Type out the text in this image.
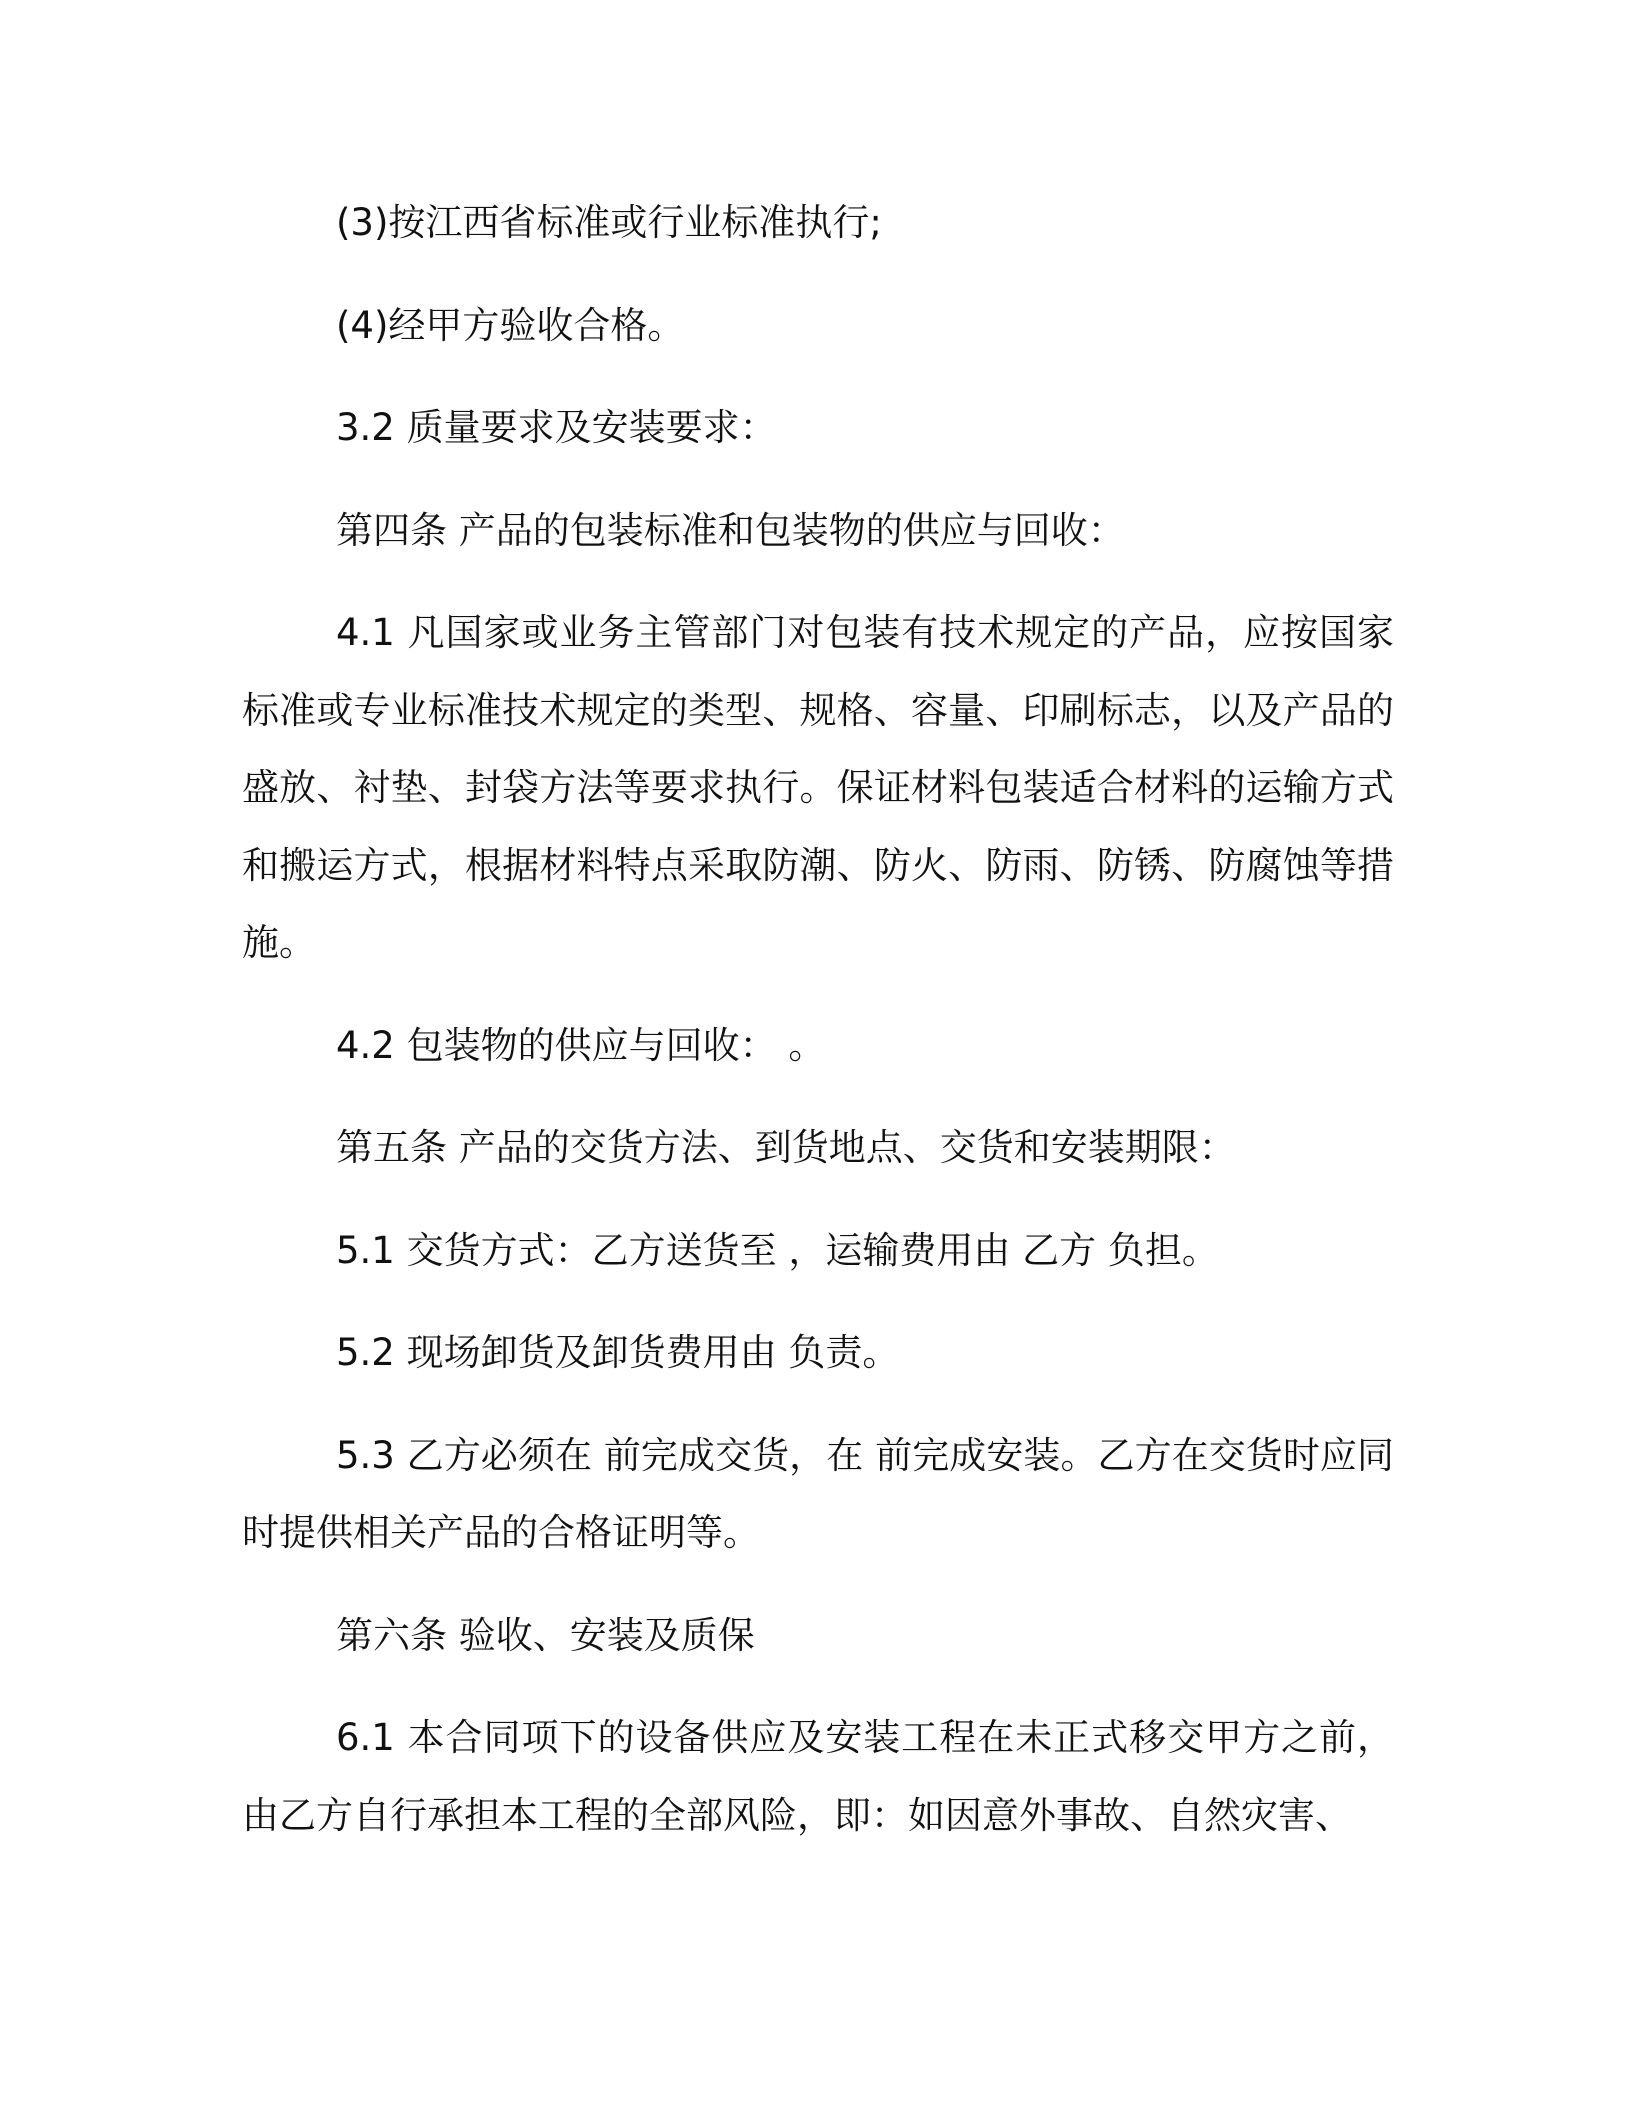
(3)按江西省标准或行业标准执行;

(4)经甲方验收合格。

3.2 质量要求及安装要求：

第四条 产品的包装标准和包装物的供应与回收：

4.1 凡国家或业务主管部门对包装有技术规定的产品，应按国家标准或专业标准技术规定的类型、规格、容量、印刷标志，以及产品的盛放、衬垫、封袋方法等要求执行。保证材料包装适合材料的运输方式和搬运方式，根据材料特点采取防潮、防火、防雨、防锈、防腐蚀等措施。

4.2 包装物的供应与回收： 。

第五条 产品的交货方法、到货地点、交货和安装期限：

5.1 交货方式：乙方送货至 ，运输费用由 乙方 负担。

5.2 现场卸货及卸货费用由 负责。

5.3 乙方必须在 前完成交货，在 前完成安装。乙方在交货时应同时提供相关产品的合格证明等。

第六条 验收、安装及质保

6.1 本合同项下的设备供应及安装工程在未正式移交甲方之前，由乙方自行承担本工程的全部风险，即：如因意外事故、自然灾害、
